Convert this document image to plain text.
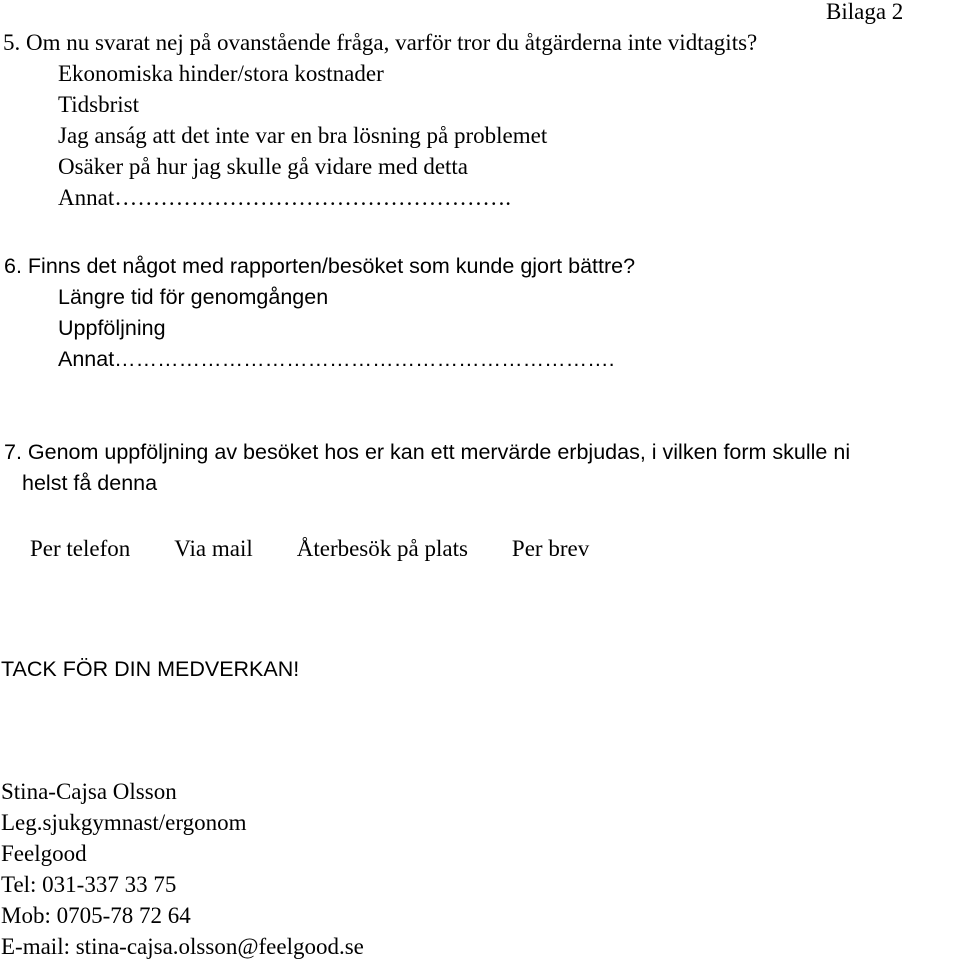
Bilaga 2
5. Om nu svarat nej på ovanstående fråga, varför tror du åtgärderna inte vidtagits?
Ekonomiska hinder/stora kostnader
Tidsbrist
Jag anság att det inte var en bra lösning på problemet
Osäker på hur jag skulle gå vidare med detta
Annat…………………………………………….
6. Finns det något med rapporten/besöket som kunde gjort bättre?
Längre tid för genomgången
Uppföljning
Annat…………………………………………………………….
7. Genom uppföljning av besöket hos er kan ett mervärde erbjudas, i vilken form skulle ni
helst få denna
Per telefon Via mail Återbesök på plats Per brev
TACK FÖR DIN MEDVERKAN!
Stina-Cajsa Olsson
Leg.sjukgymnast/ergonom
Feelgood
Tel: 031-337 33 75
Mob: 0705-78 72 64
E-mail: stina-cajsa.olsson@feelgood.se
